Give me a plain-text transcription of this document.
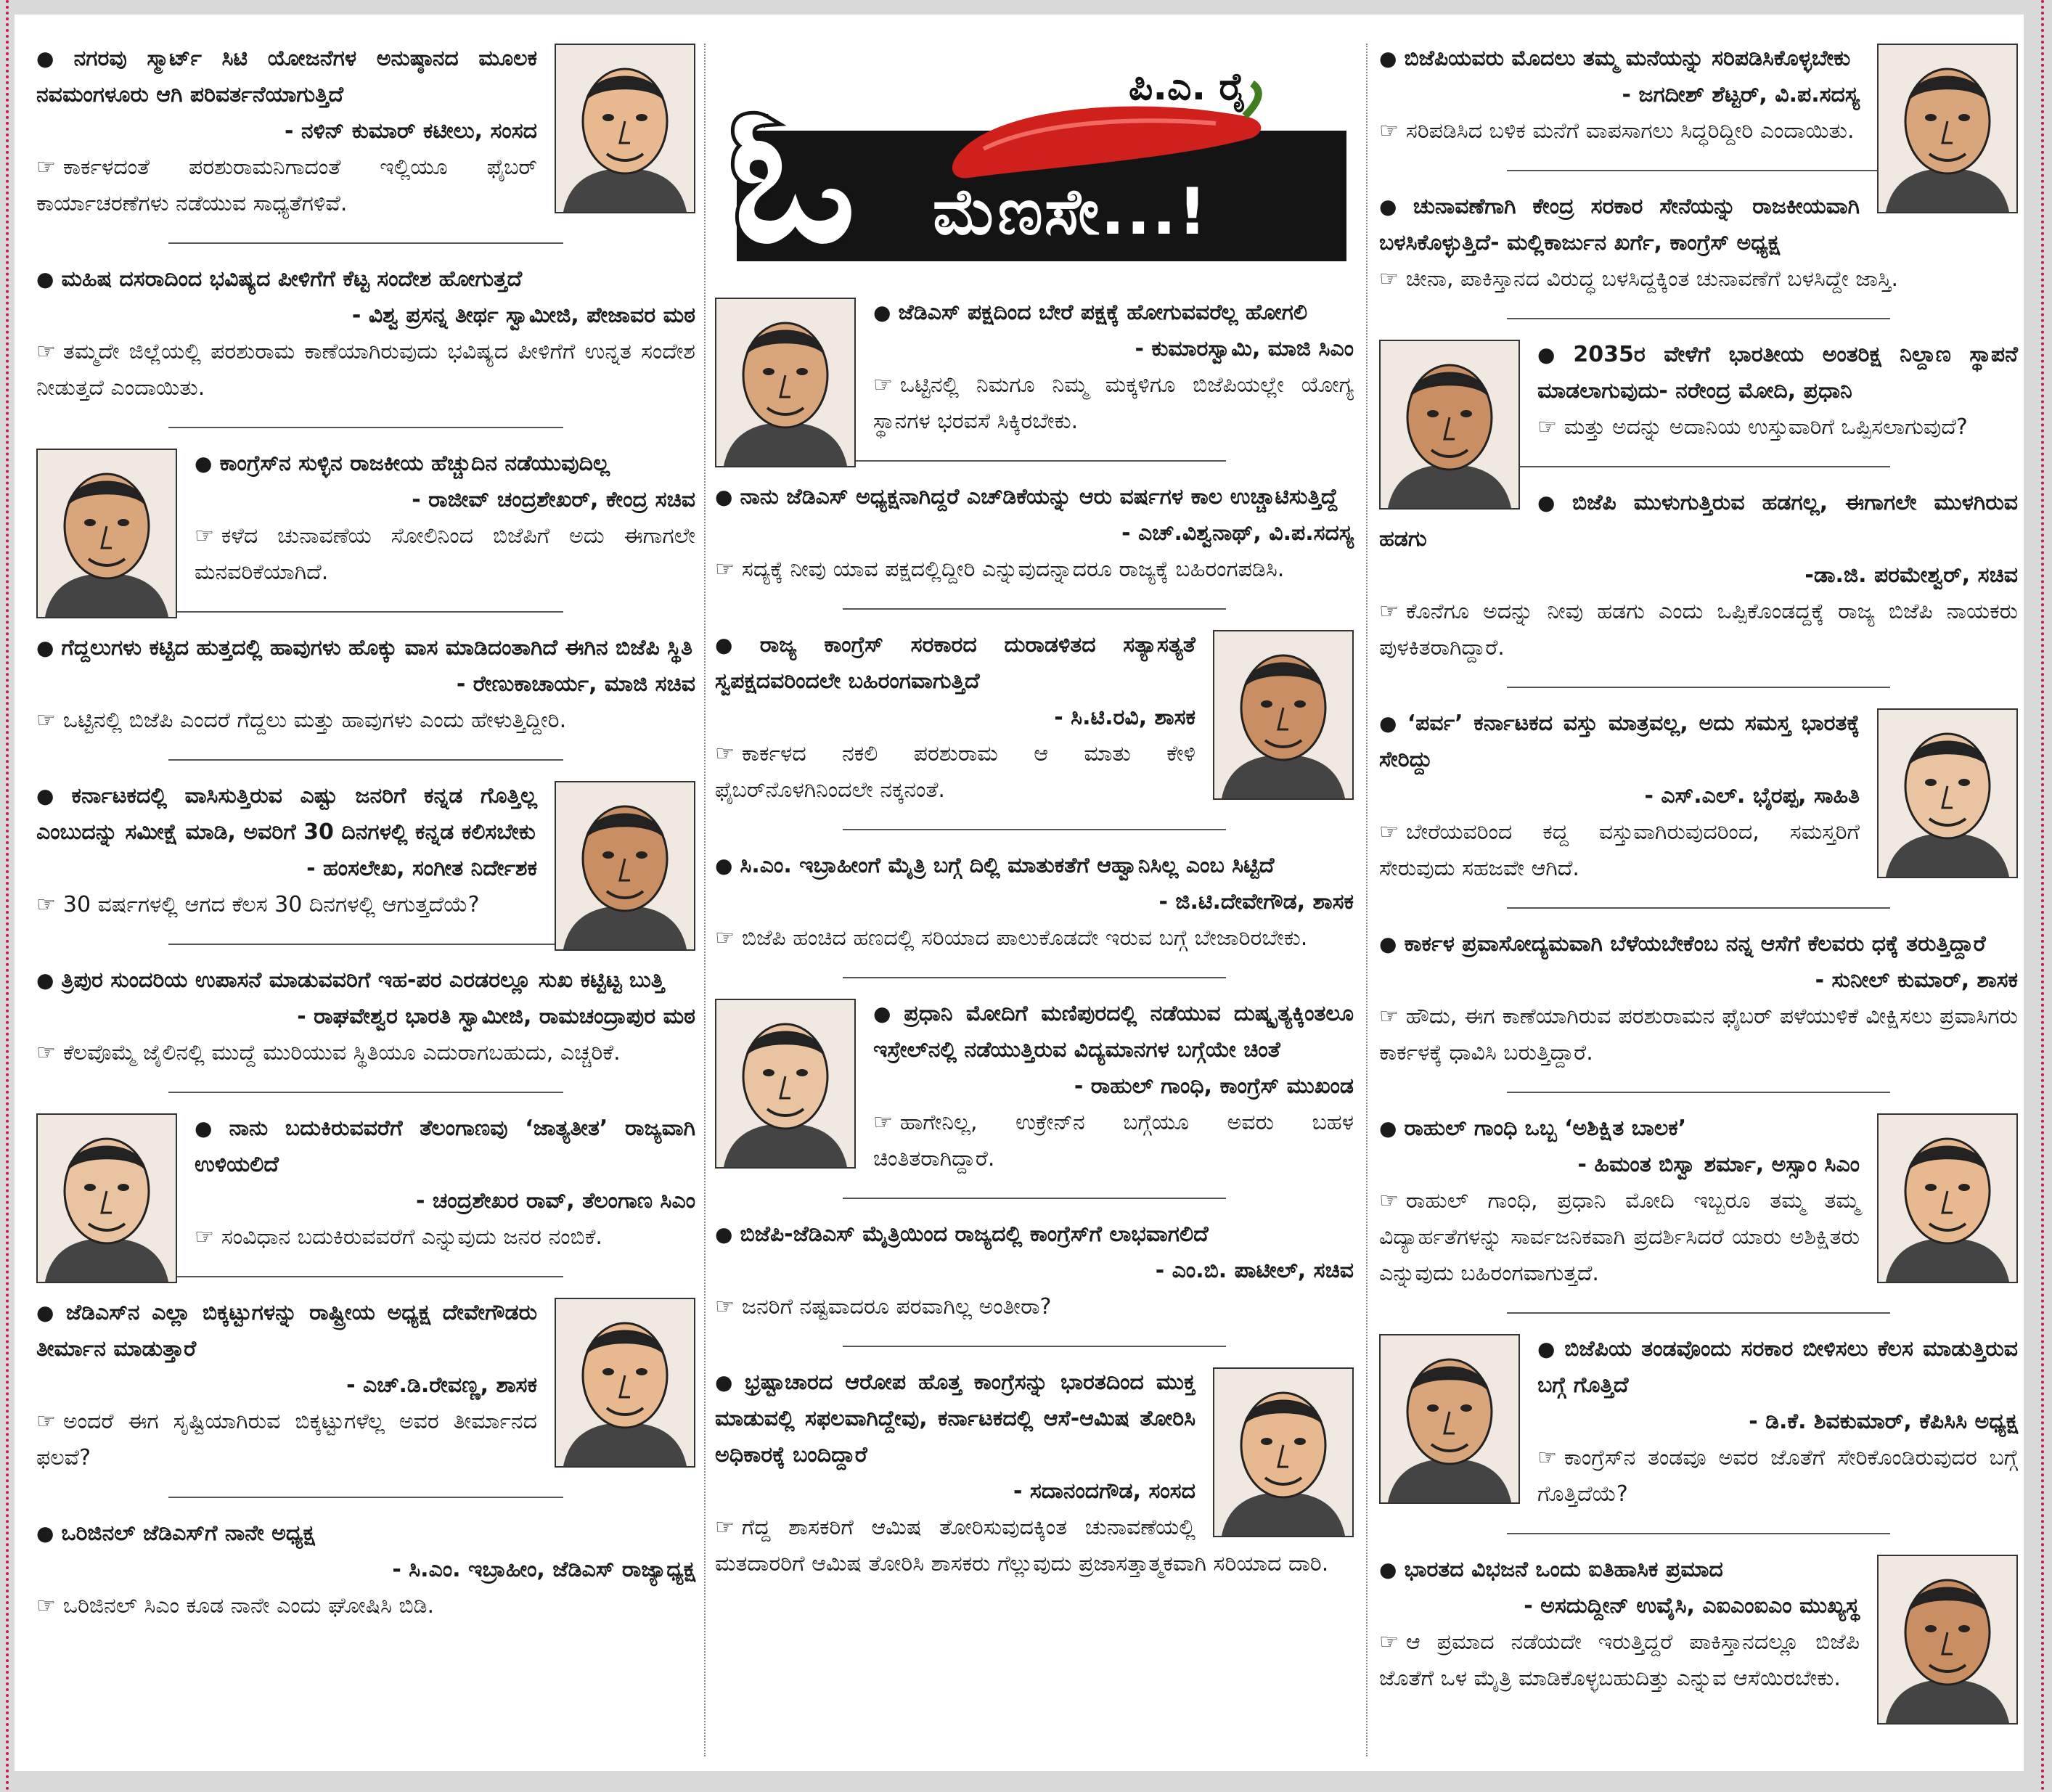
● ನಗರವು ಸ್ಮಾರ್ಟ್ ಸಿಟಿ ಯೋಜನೆಗಳ ಅನುಷ್ಠಾನದ ಮೂಲಕ ನವಮಂಗಳೂರು ಆಗಿ ಪರಿವರ್ತನೆಯಾಗುತ್ತಿದೆ
- ನಳಿನ್ ಕುಮಾರ್ ಕಟೀಲು, ಸಂಸದ
☞ ಕಾರ್ಕಳದಂತೆ ಪರಶುರಾಮನಿಗಾದಂತೆ ಇಲ್ಲಿಯೂ ಫೈಬರ್ ಕಾರ್ಯಾಚರಣೆಗಳು ನಡೆಯುವ ಸಾಧ್ಯತೆಗಳಿವೆ.
● ಮಹಿಷ ದಸರಾದಿಂದ ಭವಿಷ್ಯದ ಪೀಳಿಗೆಗೆ ಕೆಟ್ಟ ಸಂದೇಶ ಹೋಗುತ್ತದೆ
- ವಿಶ್ವ ಪ್ರಸನ್ನ ತೀರ್ಥ ಸ್ವಾಮೀಜಿ, ಪೇಜಾವರ ಮಠ
☞ ತಮ್ಮದೇ ಜಿಲ್ಲೆಯಲ್ಲಿ ಪರಶುರಾಮ ಕಾಣೆಯಾಗಿರುವುದು ಭವಿಷ್ಯದ ಪೀಳಿಗೆಗೆ ಉನ್ನತ ಸಂದೇಶ ನೀಡುತ್ತದೆ ಎಂದಾಯಿತು.
● ಕಾಂಗ್ರೆಸ್‌ನ ಸುಳ್ಳಿನ ರಾಜಕೀಯ ಹೆಚ್ಚುದಿನ ನಡೆಯುವುದಿಲ್ಲ
- ರಾಜೀವ್ ಚಂದ್ರಶೇಖರ್, ಕೇಂದ್ರ ಸಚಿವ
☞ ಕಳೆದ ಚುನಾವಣೆಯ ಸೋಲಿನಿಂದ ಬಿಜೆಪಿಗೆ ಅದು ಈಗಾಗಲೇ ಮನವರಿಕೆಯಾಗಿದೆ.
● ಗೆದ್ದಲುಗಳು ಕಟ್ಟಿದ ಹುತ್ತದಲ್ಲಿ ಹಾವುಗಳು ಹೊಕ್ಕು ವಾಸ ಮಾಡಿದಂತಾಗಿದೆ ಈಗಿನ ಬಿಜೆಪಿ ಸ್ಥಿತಿ
- ರೇಣುಕಾಚಾರ್ಯ, ಮಾಜಿ ಸಚಿವ
☞ ಒಟ್ಟಿನಲ್ಲಿ ಬಿಜೆಪಿ ಎಂದರೆ ಗೆದ್ದಲು ಮತ್ತು ಹಾವುಗಳು ಎಂದು ಹೇಳುತ್ತಿದ್ದೀರಿ.
● ಕರ್ನಾಟಕದಲ್ಲಿ ವಾಸಿಸುತ್ತಿರುವ ಎಷ್ಟು ಜನರಿಗೆ ಕನ್ನಡ ಗೊತ್ತಿಲ್ಲ ಎಂಬುದನ್ನು ಸಮೀಕ್ಷೆ ಮಾಡಿ, ಅವರಿಗೆ 30 ದಿನಗಳಲ್ಲಿ ಕನ್ನಡ ಕಲಿಸಬೇಕು
- ಹಂಸಲೇಖ, ಸಂಗೀತ ನಿರ್ದೇಶಕ
☞ 30 ವರ್ಷಗಳಲ್ಲಿ ಆಗದ ಕೆಲಸ 30 ದಿನಗಳಲ್ಲಿ ಆಗುತ್ತದೆಯೆ?
● ತ್ರಿಪುರ ಸುಂದರಿಯ ಉಪಾಸನೆ ಮಾಡುವವರಿಗೆ ಇಹ-ಪರ ಎರಡರಲ್ಲೂ ಸುಖ ಕಟ್ಟಿಟ್ಟ ಬುತ್ತಿ
- ರಾಘವೇಶ್ವರ ಭಾರತಿ ಸ್ವಾಮೀಜಿ, ರಾಮಚಂದ್ರಾಪುರ ಮಠ
☞ ಕೆಲವೊಮ್ಮೆ ಜೈಲಿನಲ್ಲಿ ಮುದ್ದೆ ಮುರಿಯುವ ಸ್ಥಿತಿಯೂ ಎದುರಾಗಬಹುದು, ಎಚ್ಚರಿಕೆ.
● ನಾನು ಬದುಕಿರುವವರೆಗೆ ತೆಲಂಗಾಣವು ‘ಜಾತ್ಯತೀತ’ ರಾಜ್ಯವಾಗಿ ಉಳಿಯಲಿದೆ
- ಚಂದ್ರಶೇಖರ ರಾವ್, ತೆಲಂಗಾಣ ಸಿಎಂ
☞ ಸಂವಿಧಾನ ಬದುಕಿರುವವರೆಗೆ ಎನ್ನುವುದು ಜನರ ನಂಬಿಕೆ.
● ಜೆಡಿಎಸ್‌ನ ಎಲ್ಲಾ ಬಿಕ್ಕಟ್ಟುಗಳನ್ನು ರಾಷ್ಟ್ರೀಯ ಅಧ್ಯಕ್ಷ ದೇವೇಗೌಡರು ತೀರ್ಮಾನ ಮಾಡುತ್ತಾರೆ
- ಎಚ್.ಡಿ.ರೇವಣ್ಣ, ಶಾಸಕ
☞ ಅಂದರೆ ಈಗ ಸೃಷ್ಟಿಯಾಗಿರುವ ಬಿಕ್ಕಟ್ಟುಗಳೆಲ್ಲ ಅವರ ತೀರ್ಮಾನದ ಫಲವೆ?
● ಒರಿಜಿನಲ್ ಜೆಡಿಎಸ್‌ಗೆ ನಾನೇ ಅಧ್ಯಕ್ಷ
- ಸಿ.ಎಂ. ಇಬ್ರಾಹೀಂ, ಜೆಡಿಎಸ್ ರಾಜ್ಯಾಧ್ಯಕ್ಷ
☞ ಒರಿಜಿನಲ್ ಸಿಎಂ ಕೂಡ ನಾನೇ ಎಂದು ಘೋಷಿಸಿ ಬಿಡಿ.
ಓ	ಪಿ.ಎ. ರೈ
ಮೆಣಸೇ...!
● ಜೆಡಿಎಸ್ ಪಕ್ಷದಿಂದ ಬೇರೆ ಪಕ್ಷಕ್ಕೆ ಹೋಗುವವರೆಲ್ಲ ಹೋಗಲಿ
- ಕುಮಾರಸ್ವಾಮಿ, ಮಾಜಿ ಸಿಎಂ
☞ ಒಟ್ಟಿನಲ್ಲಿ ನಿಮಗೂ ನಿಮ್ಮ ಮಕ್ಕಳಿಗೂ ಬಿಜೆಪಿಯಲ್ಲೇ ಯೋಗ್ಯ ಸ್ಥಾನಗಳ ಭರವಸೆ ಸಿಕ್ಕಿರಬೇಕು.
● ನಾನು ಜೆಡಿಎಸ್ ಅಧ್ಯಕ್ಷನಾಗಿದ್ದರೆ ಎಚ್‌ಡಿಕೆಯನ್ನು ಆರು ವರ್ಷಗಳ ಕಾಲ ಉಚ್ಚಾಟಿಸುತ್ತಿದ್ದೆ
- ಎಚ್.ವಿಶ್ವನಾಥ್, ವಿ.ಪ.ಸದಸ್ಯ
☞ ಸದ್ಯಕ್ಕೆ ನೀವು ಯಾವ ಪಕ್ಷದಲ್ಲಿದ್ದೀರಿ ಎನ್ನುವುದನ್ನಾದರೂ ರಾಜ್ಯಕ್ಕೆ ಬಹಿರಂಗಪಡಿಸಿ.
● ರಾಜ್ಯ ಕಾಂಗ್ರೆಸ್ ಸರಕಾರದ ದುರಾಡಳಿತದ ಸತ್ಯಾಸತ್ಯತೆ ಸ್ವಪಕ್ಷದವರಿಂದಲೇ ಬಹಿರಂಗವಾಗುತ್ತಿದೆ
- ಸಿ.ಟಿ.ರವಿ, ಶಾಸಕ
☞ ಕಾರ್ಕಳದ ನಕಲಿ ಪರಶುರಾಮ ಆ ಮಾತು ಕೇಳಿ ಫೈಬರ್‌ನೊಳಗಿನಿಂದಲೇ ನಕ್ಕನಂತೆ.
● ಸಿ.ಎಂ. ಇಬ್ರಾಹೀಂಗೆ ಮೈತ್ರಿ ಬಗ್ಗೆ ದಿಲ್ಲಿ ಮಾತುಕತೆಗೆ ಆಹ್ವಾನಿಸಿಲ್ಲ ಎಂಬ ಸಿಟ್ಟಿದೆ
- ಜಿ.ಟಿ.ದೇವೇಗೌಡ, ಶಾಸಕ
☞ ಬಿಜೆಪಿ ಹಂಚಿದ ಹಣದಲ್ಲಿ ಸರಿಯಾದ ಪಾಲುಕೊಡದೇ ಇರುವ ಬಗ್ಗೆ ಬೇಜಾರಿರಬೇಕು.
● ಪ್ರಧಾನಿ ಮೋದಿಗೆ ಮಣಿಪುರದಲ್ಲಿ ನಡೆಯುವ ದುಷ್ಕೃತ್ಯಕ್ಕಿಂತಲೂ ಇಸ್ರೇಲ್‌ನಲ್ಲಿ ನಡೆಯುತ್ತಿರುವ ವಿದ್ಯಮಾನಗಳ ಬಗ್ಗೆಯೇ ಚಿಂತೆ
- ರಾಹುಲ್ ಗಾಂಧಿ, ಕಾಂಗ್ರೆಸ್ ಮುಖಂಡ
☞ ಹಾಗೇನಿಲ್ಲ, ಉಕ್ರೇನ್‌ನ ಬಗ್ಗೆಯೂ ಅವರು ಬಹಳ ಚಿಂತಿತರಾಗಿದ್ದಾರೆ.
● ಬಿಜೆಪಿ-ಜೆಡಿಎಸ್ ಮೈತ್ರಿಯಿಂದ ರಾಜ್ಯದಲ್ಲಿ ಕಾಂಗ್ರೆಸ್‌ಗೆ ಲಾಭವಾಗಲಿದೆ
- ಎಂ.ಬಿ. ಪಾಟೀಲ್, ಸಚಿವ
☞ ಜನರಿಗೆ ನಷ್ಟವಾದರೂ ಪರವಾಗಿಲ್ಲ ಅಂತೀರಾ?
● ಭ್ರಷ್ಟಾಚಾರದ ಆರೋಪ ಹೊತ್ತ ಕಾಂಗ್ರೆಸನ್ನು ಭಾರತದಿಂದ ಮುಕ್ತ ಮಾಡುವಲ್ಲಿ ಸಫಲವಾಗಿದ್ದೇವು, ಕರ್ನಾಟಕದಲ್ಲಿ ಆಸೆ-ಆಮಿಷ ತೋರಿಸಿ ಅಧಿಕಾರಕ್ಕೆ ಬಂದಿದ್ದಾರೆ
- ಸದಾನಂದಗೌಡ, ಸಂಸದ
☞ ಗೆದ್ದ ಶಾಸಕರಿಗೆ ಆಮಿಷ ತೋರಿಸುವುದಕ್ಕಿಂತ ಚುನಾವಣೆಯಲ್ಲಿ ಮತದಾರರಿಗೆ ಆಮಿಷ ತೋರಿಸಿ ಶಾಸಕರು ಗೆಲ್ಲುವುದು ಪ್ರಜಾಸತ್ತಾತ್ಮಕವಾಗಿ ಸರಿಯಾದ ದಾರಿ.
● ಬಿಜೆಪಿಯವರು ಮೊದಲು ತಮ್ಮ ಮನೆಯನ್ನು ಸರಿಪಡಿಸಿಕೊಳ್ಳಬೇಕು
- ಜಗದೀಶ್ ಶೆಟ್ಟರ್, ವಿ.ಪ.ಸದಸ್ಯ
☞ ಸರಿಪಡಿಸಿದ ಬಳಿಕ ಮನೆಗೆ ವಾಪಸಾಗಲು ಸಿದ್ಧರಿದ್ದೀರಿ ಎಂದಾಯಿತು.
● ಚುನಾವಣೆಗಾಗಿ ಕೇಂದ್ರ ಸರಕಾರ ಸೇನೆಯನ್ನು ರಾಜಕೀಯವಾಗಿ ಬಳಸಿಕೊಳ್ಳುತ್ತಿದೆ- ಮಲ್ಲಿಕಾರ್ಜುನ ಖರ್ಗೆ, ಕಾಂಗ್ರೆಸ್ ಅಧ್ಯಕ್ಷ
☞ ಚೀನಾ, ಪಾಕಿಸ್ತಾನದ ವಿರುದ್ಧ ಬಳಸಿದ್ದಕ್ಕಿಂತ ಚುನಾವಣೆಗೆ ಬಳಸಿದ್ದೇ ಜಾಸ್ತಿ.
● 2035ರ ವೇಳೆಗೆ ಭಾರತೀಯ ಅಂತರಿಕ್ಷ ನಿಲ್ದಾಣ ಸ್ಥಾಪನೆ ಮಾಡಲಾಗುವುದು- ನರೇಂದ್ರ ಮೋದಿ, ಪ್ರಧಾನಿ
☞ ಮತ್ತು ಅದನ್ನು ಅದಾನಿಯ ಉಸ್ತುವಾರಿಗೆ ಒಪ್ಪಿಸಲಾಗುವುದೆ?
● ಬಿಜೆಪಿ ಮುಳುಗುತ್ತಿರುವ ಹಡಗಲ್ಲ, ಈಗಾಗಲೇ ಮುಳಗಿರುವ ಹಡಗು
-ಡಾ.ಜಿ. ಪರಮೇಶ್ವರ್, ಸಚಿವ
☞ ಕೊನೆಗೂ ಅದನ್ನು ನೀವು ಹಡಗು ಎಂದು ಒಪ್ಪಿಕೊಂಡದ್ದಕ್ಕೆ ರಾಜ್ಯ ಬಿಜೆಪಿ ನಾಯಕರು ಪುಳಕಿತರಾಗಿದ್ದಾರೆ.
● ‘ಪರ್ವ’ ಕರ್ನಾಟಕದ ವಸ್ತು ಮಾತ್ರವಲ್ಲ, ಅದು ಸಮಸ್ತ ಭಾರತಕ್ಕೆ ಸೇರಿದ್ದು
- ಎಸ್.ಎಲ್. ಭೈರಪ್ಪ, ಸಾಹಿತಿ
☞ ಬೇರೆಯವರಿಂದ ಕದ್ದ ವಸ್ತುವಾಗಿರುವುದರಿಂದ, ಸಮಸ್ತರಿಗೆ ಸೇರುವುದು ಸಹಜವೇ ಆಗಿದೆ.
● ಕಾರ್ಕಳ ಪ್ರವಾಸೋದ್ಯಮವಾಗಿ ಬೆಳೆಯಬೇಕೆಂಬ ನನ್ನ ಆಸೆಗೆ ಕೆಲವರು ಧಕ್ಕೆ ತರುತ್ತಿದ್ದಾರೆ
- ಸುನೀಲ್ ಕುಮಾರ್, ಶಾಸಕ
☞ ಹೌದು, ಈಗ ಕಾಣೆಯಾಗಿರುವ ಪರಶುರಾಮನ ಫೈಬರ್ ಪಳೆಯುಳಿಕೆ ವೀಕ್ಷಿಸಲು ಪ್ರವಾಸಿಗರು ಕಾರ್ಕಳಕ್ಕೆ ಧಾವಿಸಿ ಬರುತ್ತಿದ್ದಾರೆ.
● ರಾಹುಲ್ ಗಾಂಧಿ ಒಬ್ಬ ‘ಅಶಿಕ್ಷಿತ ಬಾಲಕ’
- ಹಿಮಂತ ಬಿಸ್ವಾ ಶರ್ಮಾ, ಅಸ್ಸಾಂ ಸಿಎಂ
☞ ರಾಹುಲ್ ಗಾಂಧಿ, ಪ್ರಧಾನಿ ಮೋದಿ ಇಬ್ಬರೂ ತಮ್ಮ ತಮ್ಮ ವಿದ್ಯಾರ್ಹತೆಗಳನ್ನು ಸಾರ್ವಜನಿಕವಾಗಿ ಪ್ರದರ್ಶಿಸಿದರೆ ಯಾರು ಅಶಿಕ್ಷಿತರು ಎನ್ನುವುದು ಬಹಿರಂಗವಾಗುತ್ತದೆ.
● ಬಿಜೆಪಿಯ ತಂಡವೊಂದು ಸರಕಾರ ಬೀಳಿಸಲು ಕೆಲಸ ಮಾಡುತ್ತಿರುವ ಬಗ್ಗೆ ಗೊತ್ತಿದೆ
- ಡಿ.ಕೆ. ಶಿವಕುಮಾರ್, ಕೆಪಿಸಿಸಿ ಅಧ್ಯಕ್ಷ
☞ ಕಾಂಗ್ರೆಸ್‌ನ ತಂಡವೂ ಅವರ ಜೊತೆಗೆ ಸೇರಿಕೊಂಡಿರುವುದರ ಬಗ್ಗೆ ಗೊತ್ತಿದೆಯೆ?
● ಭಾರತದ ವಿಭಜನೆ ಒಂದು ಐತಿಹಾಸಿಕ ಪ್ರಮಾದ
- ಅಸದುದ್ದೀನ್ ಉವೈಸಿ, ಎಐಎಂಐಎಂ ಮುಖ್ಯಸ್ಥ
☞ ಆ ಪ್ರಮಾದ ನಡೆಯದೇ ಇರುತ್ತಿದ್ದರೆ ಪಾಕಿಸ್ತಾನದಲ್ಲೂ ಬಿಜೆಪಿ ಜೊತೆಗೆ ಒಳ ಮೈತ್ರಿ ಮಾಡಿಕೊಳ್ಳಬಹುದಿತ್ತು ಎನ್ನುವ ಆಸೆಯಿರಬೇಕು.
